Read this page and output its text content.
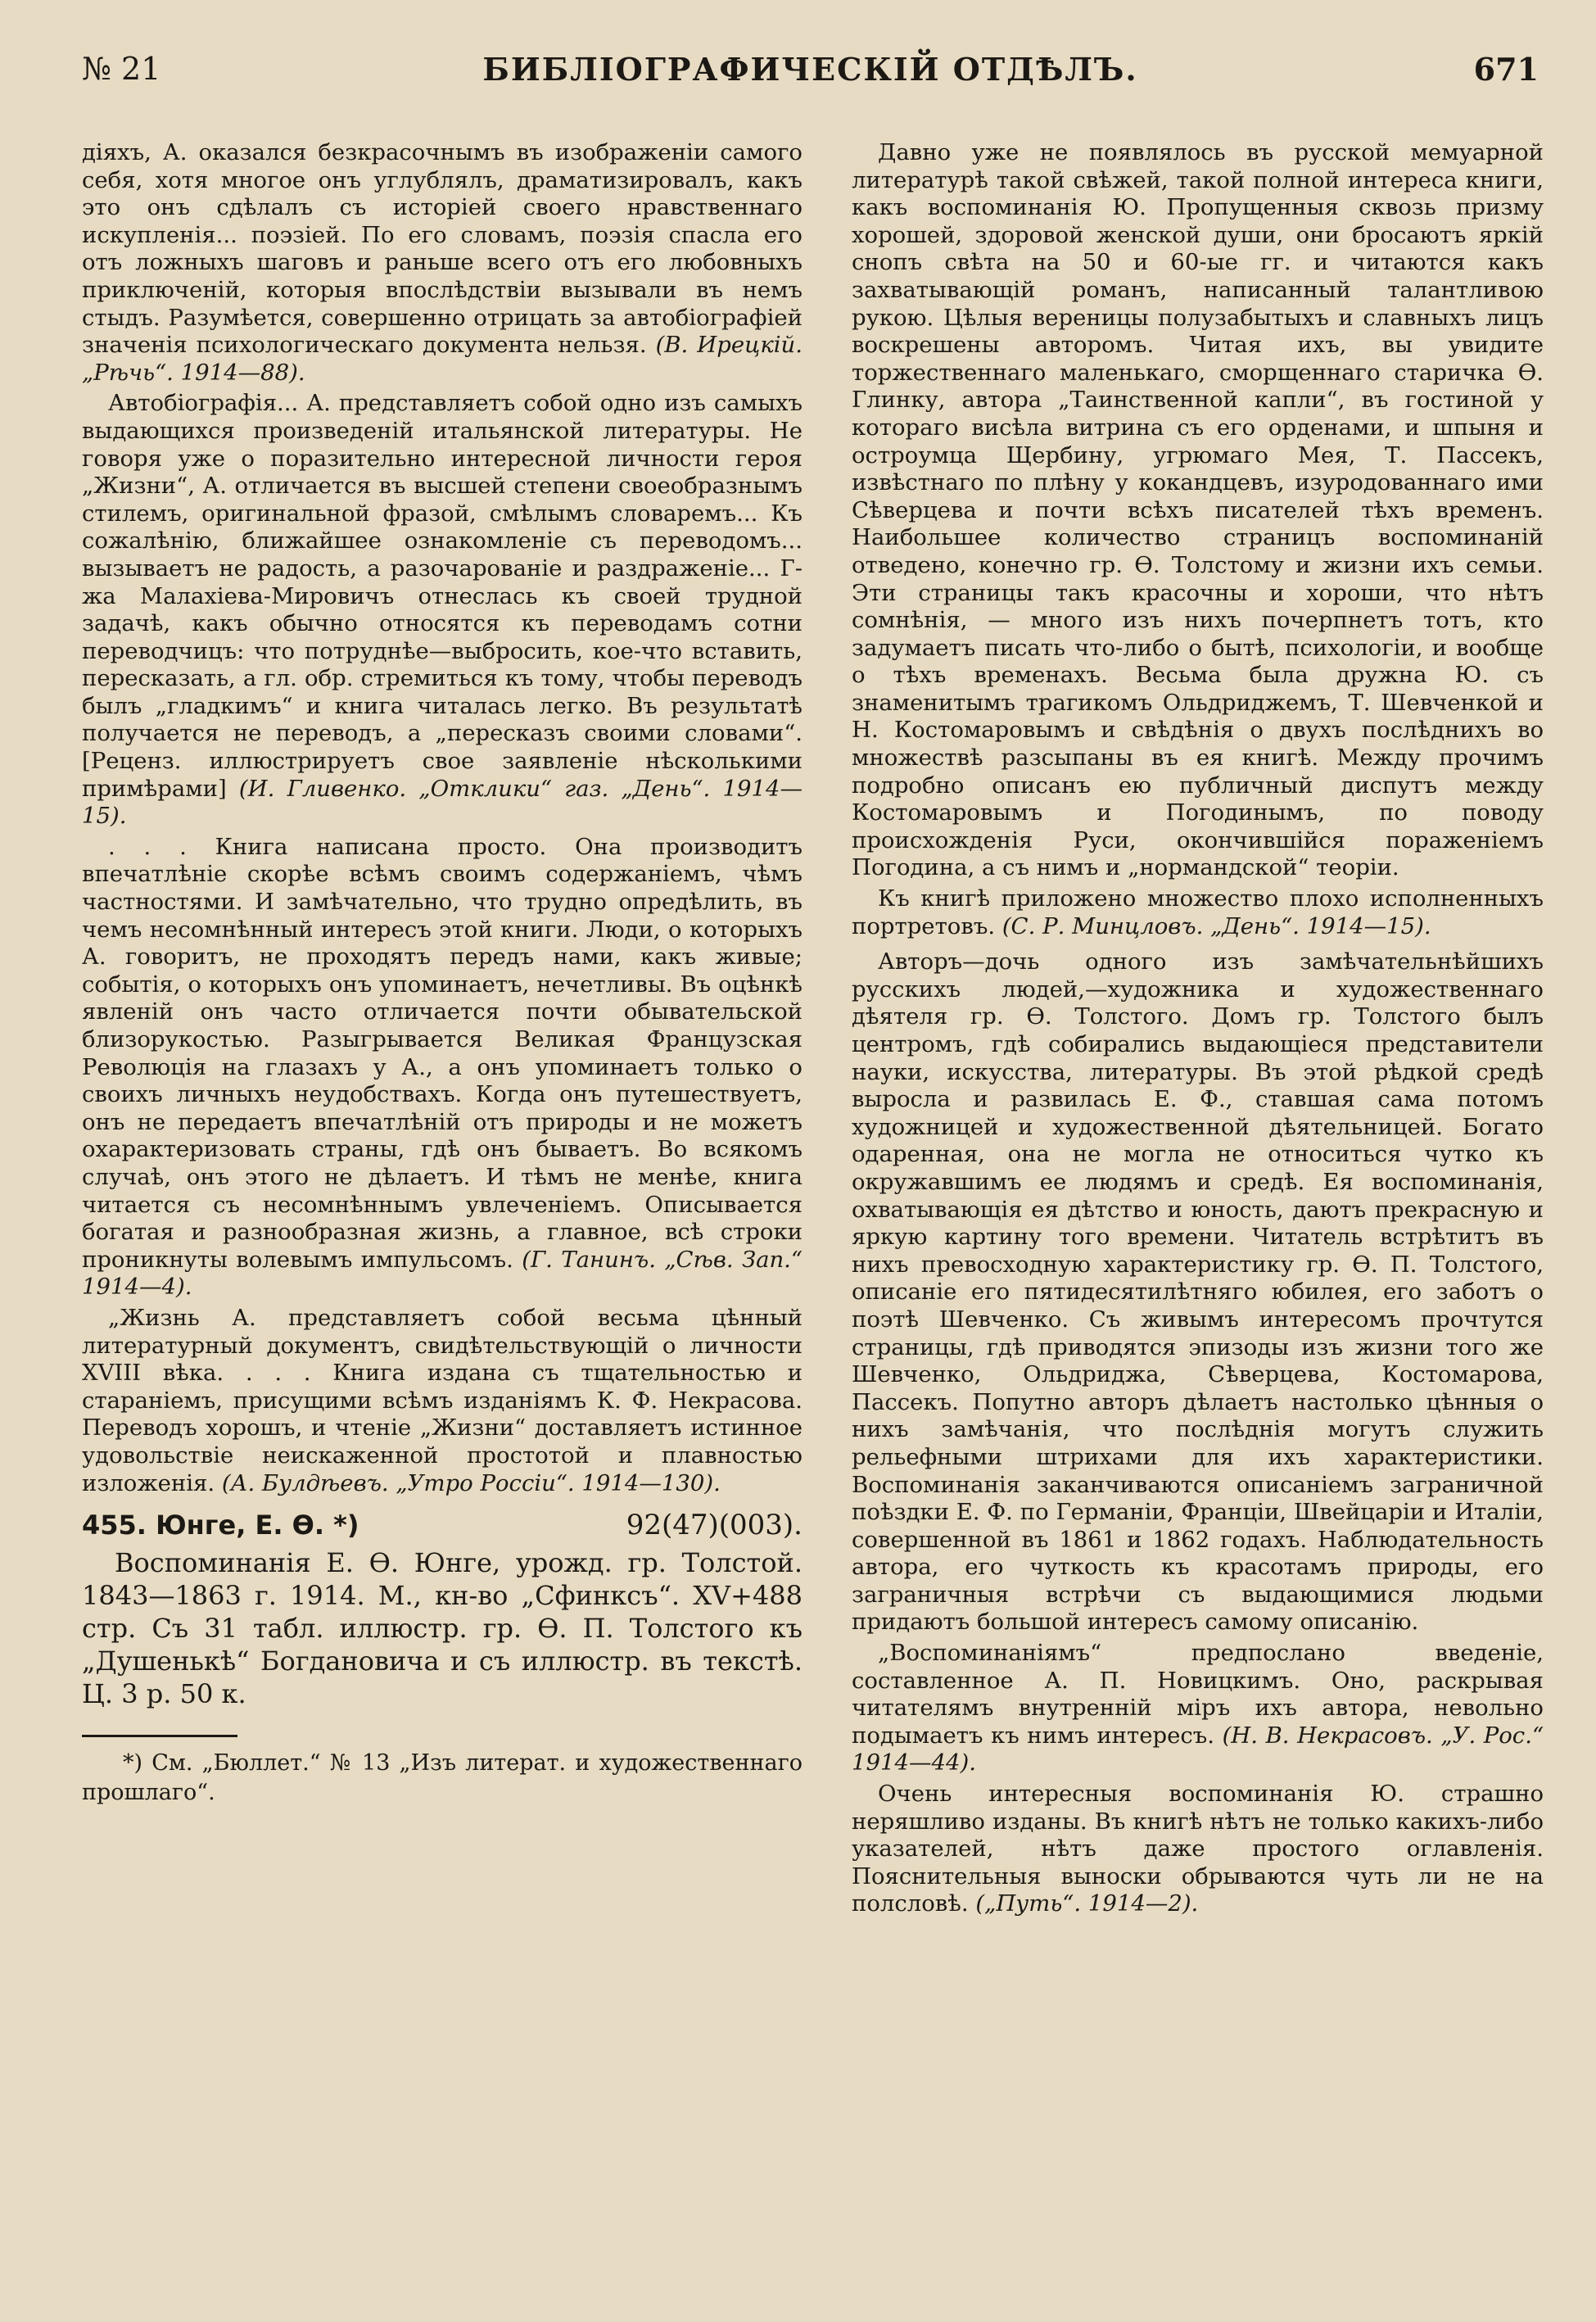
№ 21	БИБЛІОГРАФИЧЕСКІЙ ОТДѢЛЪ.	671

діяхъ, А. оказался безкрасочнымъ въ изображеніи самого себя, хотя многое онъ углублялъ, драматизировалъ, какъ это онъ сдѣлалъ съ исторіей своего нравственнаго искупленія... поэзіей. По его словамъ, поэзія спасла его отъ ложныхъ шаговъ и раньше всего отъ его любовныхъ приключеній, которыя впослѣдствіи вызывали въ немъ стыдъ. Разумѣется, совершенно отрицать за автобіографіей значенія психологическаго документа нельзя. (В. Ирецкій. „Рѣчь“. 1914—88).

Автобіографія... А. представляетъ собой одно изъ самыхъ выдающихся произведеній итальянской литературы. Не говоря уже о поразительно интересной личности героя „Жизни“, А. отличается въ высшей степени своеобразнымъ стилемъ, оригинальной фразой, смѣлымъ словаремъ... Къ сожалѣнію, ближайшее ознакомленіе съ переводомъ... вызываетъ не радость, а разочарованіе и раздраженіе... Г-жа Малахіева-Мировичъ отнеслась къ своей трудной задачѣ, какъ обычно относятся къ переводамъ сотни переводчицъ: что потруднѣе—выбросить, кое-что вставить, пересказать, а гл. обр. стремиться къ тому, чтобы переводъ былъ „гладкимъ“ и книга читалась легко. Въ результатѣ получается не переводъ, а „пересказъ своими словами“. [Реценз. иллюстрируетъ свое заявленіе нѣсколькими примѣрами] (И. Гливенко. „Отклики“ газ. „День“. 1914—15).

. . . Книга написана просто. Она производитъ впечатлѣніе скорѣе всѣмъ своимъ содержаніемъ, чѣмъ частностями. И замѣчательно, что трудно опредѣлить, въ чемъ несомнѣнный интересъ этой книги. Люди, о которыхъ А. говоритъ, не проходятъ передъ нами, какъ живые; событія, о которыхъ онъ упоминаетъ, нечетливы. Въ оцѣнкѣ явленій онъ часто отличается почти обывательской близорукостью. Разыгрывается Великая Французская Революція на глазахъ у А., а онъ упоминаетъ только о своихъ личныхъ неудобствахъ. Когда онъ путешествуетъ, онъ не передаетъ впечатлѣній отъ природы и не можетъ охарактеризовать страны, гдѣ онъ бываетъ. Во всякомъ случаѣ, онъ этого не дѣлаетъ. И тѣмъ не менѣе, книга читается съ несомнѣннымъ увлеченіемъ. Описывается богатая и разнообразная жизнь, а главное, всѣ строки проникнуты волевымъ импульсомъ. (Г. Танинъ. „Сѣв. Зап.“ 1914—4).

„Жизнь А. представляетъ собой весьма цѣнный литературный документъ, свидѣтельствующій о личности XVIII вѣка. . . . Книга издана съ тщательностью и стараніемъ, присущими всѣмъ изданіямъ К. Ф. Некрасова. Переводъ хорошъ, и чтеніе „Жизни“ доставляетъ истинное удовольствіе неискаженной простотой и плавностью изложенія. (А. Булдѣевъ. „Утро Россіи“. 1914—130).

455. Юнге, Е. Ѳ. *)	92(47)(003).

Воспоминанія Е. Ѳ. Юнге, урожд. гр. Толстой. 1843—1863 г. 1914. М., кн-во „Сфинксъ“. XV+488 стр. Съ 31 табл. иллюстр. гр. Ѳ. П. Толстого къ „Душенькѣ“ Богдановича и съ иллюстр. въ текстѣ. Ц. 3 р. 50 к.

*) См. „Бюллет.“ № 13 „Изъ литерат. и художественнаго прошлаго“.

Давно уже не появлялось въ русской мемуарной литературѣ такой свѣжей, такой полной интереса книги, какъ воспоминанія Ю. Пропущенныя сквозь призму хорошей, здоровой женской души, они бросаютъ яркій снопъ свѣта на 50 и 60-ые гг. и читаются какъ захватывающій романъ, написанный талантливою рукою. Цѣлыя вереницы полузабытыхъ и славныхъ лицъ воскрешены авторомъ. Читая ихъ, вы увидите торжественнаго маленькаго, сморщеннаго старичка Ѳ. Глинку, автора „Таинственной капли“, въ гостиной у котораго висѣла витрина съ его орденами, и шпыня и остроумца Щербину, угрюмаго Мея, Т. Пассекъ, извѣстнаго по плѣну у кокандцевъ, изуродованнаго ими Сѣверцева и почти всѣхъ писателей тѣхъ временъ. Наибольшее количество страницъ воспоминаній отведено, конечно гр. Ѳ. Толстому и жизни ихъ семьи. Эти страницы такъ красочны и хороши, что нѣтъ сомнѣнія, — много изъ нихъ почерпнетъ тотъ, кто задумаетъ писать что-либо о бытѣ, психологіи, и вообще о тѣхъ временахъ. Весьма была дружна Ю. съ знаменитымъ трагикомъ Ольдриджемъ, Т. Шевченкой и Н. Костомаровымъ и свѣдѣнія о двухъ послѣднихъ во множествѣ разсыпаны въ ея книгѣ. Между прочимъ подробно описанъ ею публичный диспутъ между Костомаровымъ и Погодинымъ, по поводу происхожденія Руси, окончившійся пораженіемъ Погодина, а съ нимъ и „нормандской“ теоріи.

Къ книгѣ приложено множество плохо исполненныхъ портретовъ. (С. Р. Минцловъ. „День“. 1914—15).

Авторъ—дочь одного изъ замѣчательнѣйшихъ русскихъ людей,—художника и художественнаго дѣятеля гр. Ѳ. Толстого. Домъ гр. Толстого былъ центромъ, гдѣ собирались выдающіеся представители науки, искусства, литературы. Въ этой рѣдкой средѣ выросла и развилась Е. Ф., ставшая сама потомъ художницей и художественной дѣятельницей. Богато одаренная, она не могла не относиться чутко къ окружавшимъ ее людямъ и средѣ. Ея воспоминанія, охватывающія ея дѣтство и юность, даютъ прекрасную и яркую картину того времени. Читатель встрѣтитъ въ нихъ превосходную характеристику гр. Ѳ. П. Толстого, описаніе его пятидесятилѣтняго юбилея, его заботъ о поэтѣ Шевченко. Съ живымъ интересомъ прочтутся страницы, гдѣ приводятся эпизоды изъ жизни того же Шевченко, Ольдриджа, Сѣверцева, Костомарова, Пассекъ. Попутно авторъ дѣлаетъ настолько цѣнныя о нихъ замѣчанія, что послѣднія могутъ служить рельефными штрихами для ихъ характеристики. Воспоминанія заканчиваются описаніемъ заграничной поѣздки Е. Ф. по Германіи, Франціи, Швейцаріи и Италіи, совершенной въ 1861 и 1862 годахъ. Наблюдательность автора, его чуткость къ красотамъ природы, его заграничныя встрѣчи съ выдающимися людьми придаютъ большой интересъ самому описанію.

„Воспоминаніямъ“ предпослано введеніе, составленное А. П. Новицкимъ. Оно, раскрывая читателямъ внутренній міръ ихъ автора, невольно подымаетъ къ нимъ интересъ. (Н. В. Некрасовъ. „У. Рос.“ 1914—44).

Очень интересныя воспоминанія Ю. страшно неряшливо изданы. Въ книгѣ нѣтъ не только какихъ-либо указателей, нѣтъ даже простого оглавленія. Пояснительныя выноски обрываются чуть ли не на полсловѣ. („Путь“. 1914—2).
